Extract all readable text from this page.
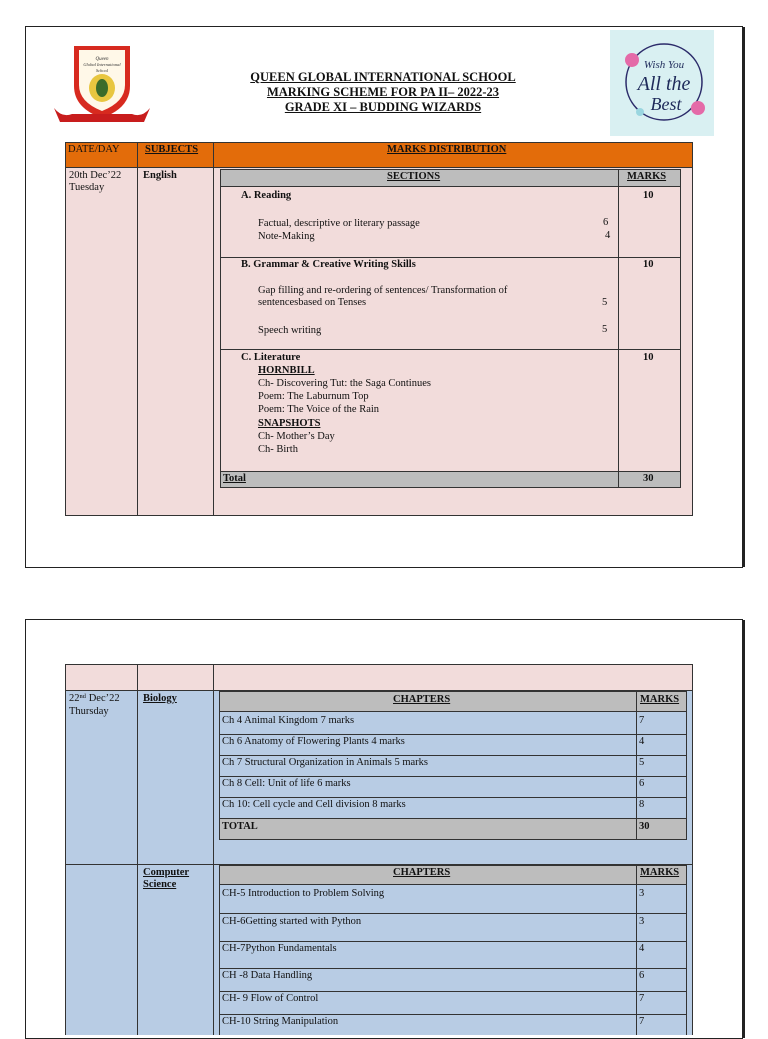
Queen
Global International
School	Wish You
All the
Best
QUEEN GLOBAL INTERNATIONAL SCHOOL
MARKING SCHEME FOR PA II– 2022-23
GRADE XI – BUDDING WIZARDS
DATE/DAY SUBJECTS	MARKS DISTRIBUTION
20th Dec’22
Tuesday
English	SECTIONS	MARKS
A. Reading	10
Factual, descriptive or literary passage	6
Note-Making	4
B. Grammar & Creative Writing Skills	10
Gap filling and re-ordering of sentences/ Transformation of
sentencesbased on Tenses	5
Speech writing	5
C. Literature	10
HORNBILL
Ch- Discovering Tut: the Saga Continues
Poem: The Laburnum Top
Poem: The Voice of the Rain
SNAPSHOTS
Ch- Mother’s Day
Ch- Birth
Total	30
22ⁿᵈ Dec’22
Thursday
Biology	CHAPTERS	MARKS
Ch 4 Animal Kingdom 7 marks	7
Ch 6 Anatomy of Flowering Plants 4 marks	4
Ch 7 Structural Organization in Animals 5 marks	5
Ch 8 Cell: Unit of life 6 marks	6
Ch 10: Cell cycle and Cell division 8 marks	8
TOTAL	30
Computer
Science
CHAPTERS	MARKS
CH-5 Introduction to Problem Solving	3
CH-6Getting started with Python	3
CH-7Python Fundamentals	4
CH -8 Data Handling	6
CH- 9 Flow of Control	7
CH-10 String Manipulation	7
